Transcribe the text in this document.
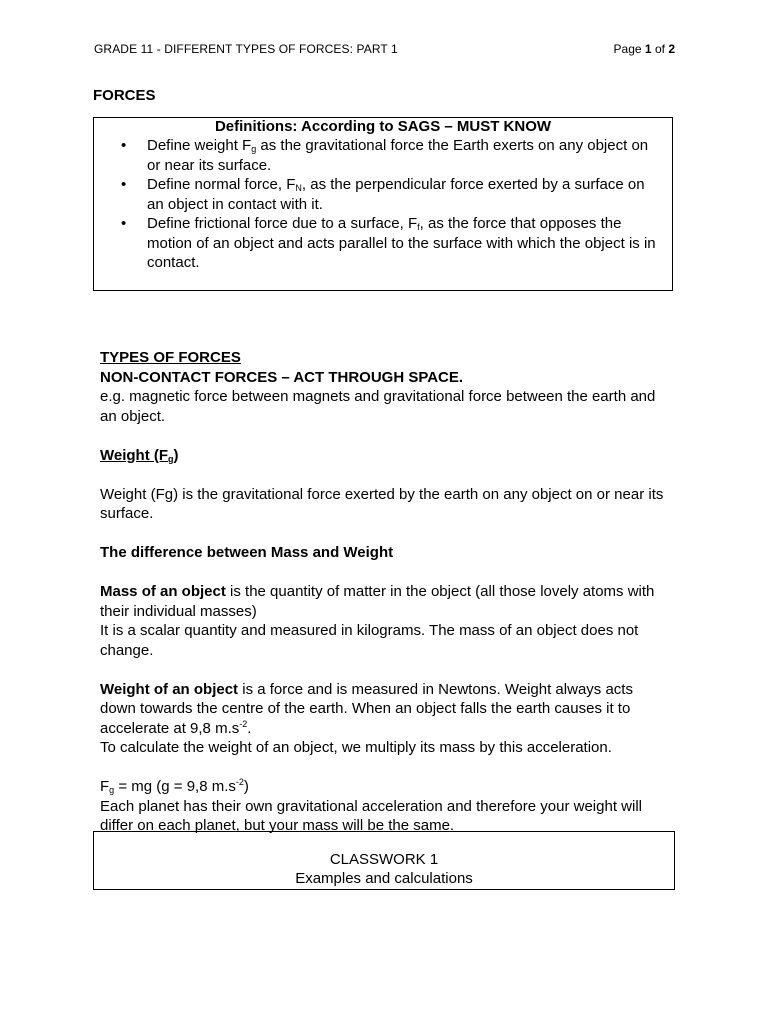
GRADE 11 - DIFFERENT TYPES OF FORCES: PART 1	Page 1 of 2
FORCES
Definitions: According to SAGS – MUST KNOW
• Define weight $F_g$ as the gravitational force the Earth exerts on any object on or near its surface.
• Define normal force, $F_N$, as the perpendicular force exerted by a surface on an object in contact with it.
• Define frictional force due to a surface, $F_f$, as the force that opposes the motion of an object and acts parallel to the surface with which the object is in contact.

TYPES OF FORCES

NON-CONTACT FORCES – ACT THROUGH SPACE.

e.g. magnetic force between magnets and gravitational force between the earth and an object.

Weight $(F_g)$

Weight (Fg) is the gravitational force exerted by the earth on any object on or near its surface.

The difference between Mass and Weight

Mass of an object is the quantity of matter in the object (all those lovely atoms with their individual masses)

It is a scalar quantity and measured in kilograms. The mass of an object does not change.

Weight of an object is a force and is measured in Newtons. Weight always acts down towards the centre of the earth. When an object falls the earth causes it to accelerate at 9,8 $m.s^{-2}$.

To calculate the weight of an object, we multiply its mass by this acceleration.

$F_g$ = mg (g = 9,8 $m.s^{-2}$)

Each planet has their own gravitational acceleration and therefore your weight will differ on each planet, but your mass will be the same.

CLASSWORK 1
Examples and calculations
